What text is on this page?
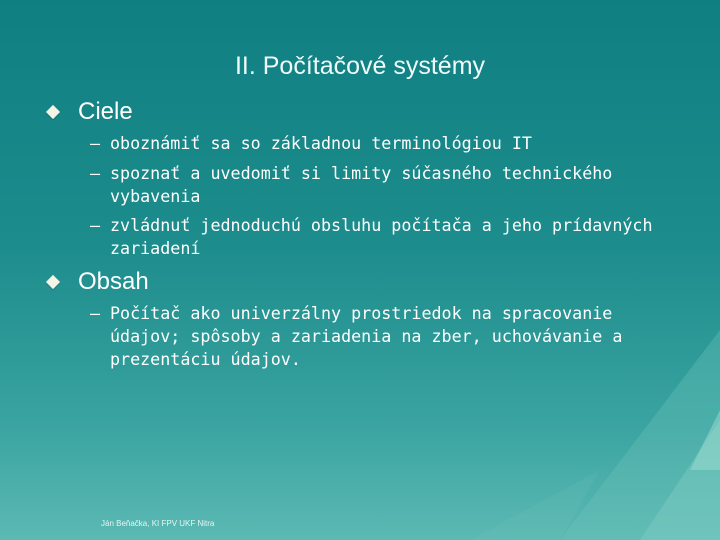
II. Počítačové systémy
Ciele
– oboznámiť sa so základnou terminológiou IT
– spoznať a uvedomiť si limity súčasného technického vybavenia
– zvládnuť jednoduchú obsluhu počítača a jeho prídavných zariadení
Obsah
– Počítač ako univerzálny prostriedok na spracovanie údajov; spôsoby a zariadenia na zber, uchovávanie a prezentáciu údajov.
Ján Beňačka, KI FPV UKF Nitra
